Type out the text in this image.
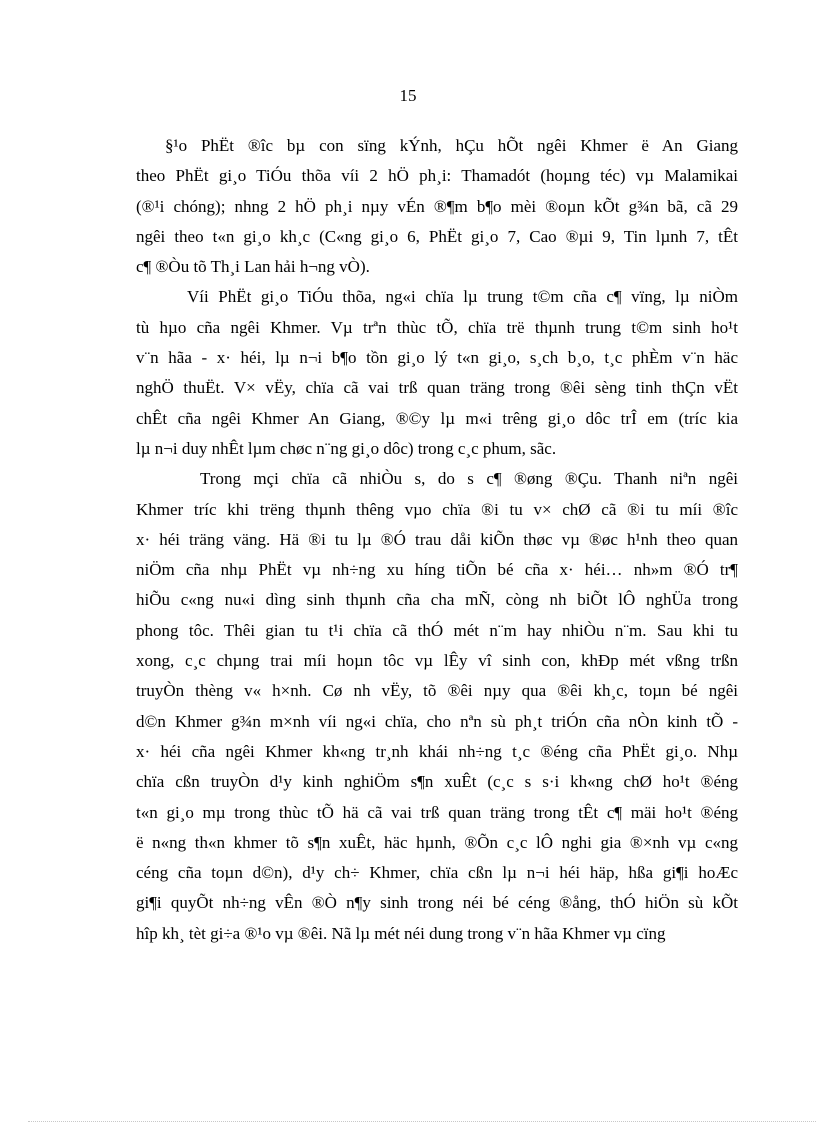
15
§¹o PhËt ®îc bµ con sïng kÝnh, hÇu hÕt ngêi Khmer ë An Giang
theo PhËt gi¸o TiÓu thõa víi 2 hÖ ph¸i: Thamadót (hoµng téc) vµ Malamikai
(®¹i chóng); nhng 2 hÖ ph¸i nµy vÉn ®¶m b¶o mèi ®oµn kÕt g¾n bã, cã 29
ngêi theo t«n gi¸o kh¸c (C«ng gi¸o 6, PhËt gi¸o 7, Cao ®µi 9, Tin lµnh 7, tÊt
c¶ ®Òu tõ Th¸i Lan hải h¬ng vÒ).
Víi PhËt gi¸o TiÓu thõa, ng«i chïa lµ trung t©m cña c¶ vïng, lµ niÒm
tù hµo cña ngêi Khmer. Vµ trªn thùc tÕ, chïa trë thµnh trung t©m sinh ho¹t
v¨n hãa - x· héi, lµ n¬i b¶o tồn gi¸o lý t«n gi¸o, s¸ch b¸o, t¸c phÈm v¨n häc
nghÖ thuËt. V× vËy, chïa cã vai trß quan träng trong ®êi sèng tinh thÇn vËt
chÊt cña ngêi Khmer An Giang, ®©y lµ m«i trêng gi¸o dôc trÎ em (tríc kia
lµ n¬i duy nhÊt lµm chøc n¨ng gi¸o dôc) trong c¸c phum, sãc.
Trong mçi chïa cã nhiÒu s, do s c¶ ®øng ®Çu. Thanh niªn ngêi
Khmer tríc khi trëng thµnh thêng vµo chïa ®i tu v× chØ cã ®i tu míi ®îc
x· héi träng väng. Hä ®i tu lµ ®Ó trau dåi kiÕn thøc vµ ®øc h¹nh theo quan
niÖm cña nhµ PhËt vµ nh÷ng xu híng tiÕn bé cña x· héi… nh»m ®Ó tr¶
hiÕu c«ng nu«i dìng sinh thµnh cña cha mÑ, còng nh biÕt lÔ nghÜa trong
phong tôc. Thêi gian tu t¹i chïa cã thÓ mét n¨m hay nhiÒu n¨m. Sau khi tu
xong, c¸c chµng trai míi hoµn tôc vµ lÊy vî sinh con, khÐp mét vßng trßn
truyÒn thèng v« h×nh. Cø nh vËy, tõ ®êi nµy qua ®êi kh¸c, toµn bé ngêi
d©n Khmer g¾n m×nh víi ng«i chïa, cho nªn sù ph¸t triÓn cña nÒn kinh tÕ -
x· héi cña ngêi Khmer kh«ng tr¸nh khái nh÷ng t¸c ®éng cña PhËt gi¸o. Nhµ
chïa cßn truyÒn d¹y kinh nghiÖm s¶n xuÊt (c¸c s s·i kh«ng chØ ho¹t ®éng
t«n gi¸o mµ trong thùc tÕ hä cã vai trß quan träng trong tÊt c¶ mäi ho¹t ®éng
ë n«ng th«n khmer tõ s¶n xuÊt, häc hµnh, ®Õn c¸c lÔ nghi gia ®×nh vµ c«ng
céng cña toµn d©n), d¹y ch÷ Khmer, chïa cßn lµ n¬i héi häp, hßa gi¶i hoÆc
gi¶i quyÕt nh÷ng vÊn ®Ò n¶y sinh trong néi bé céng ®ång, thÓ hiÖn sù kÕt
hîp kh¸ tèt gi÷a ®¹o vµ ®êi. Nã lµ mét néi dung trong v¨n hãa Khmer vµ cïng
